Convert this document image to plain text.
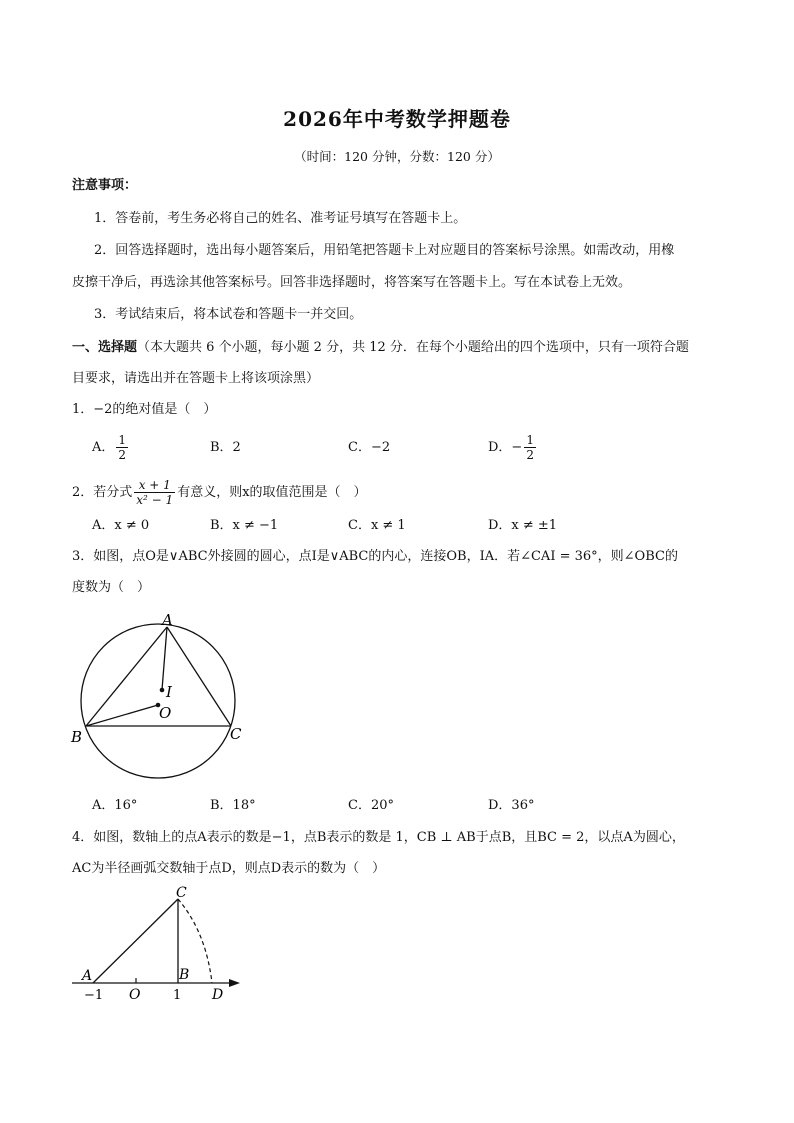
2026年中考数学押题卷
（时间：120 分钟，分数：120 分）
注意事项：
1．答卷前，考生务必将自己的姓名、准考证号填写在答题卡上。
2．回答选择题时，选出每小题答案后，用铅笔把答题卡上对应题目的答案标号涂黑。如需改动，用橡
皮擦干净后，再选涂其他答案标号。回答非选择题时，将答案写在答题卡上。写在本试卷上无效。
3．考试结束后，将本试卷和答题卡一并交回。
一、选择题（本大题共 6 个小题，每小题 2 分，共 12 分．在每个小题给出的四个选项中，只有一项符合题
目要求，请选出并在答题卡上将该项涂黑）
1．−2的绝对值是（　）
A． $\frac{1}{2}$	B．2	C．−2	D．− $\frac{1}{2}$
2．若分式 $\frac{x + 1}{\text{x² − 1}}$ 有意义，则x的取值范围是（　）
A．x ≠ 0	B．x ≠ −1	C．x ≠ 1	D．x ≠ ±1
3．如图，点O是∨ABC外接圆的圆心，点I是∨ABC的内心，连接OB，IA．若∠CAI = 36°，则∠OBC的
度数为（　）
A
B	C
I
O
A．16°	B．18°	C．20°	D．36°
4．如图，数轴上的点A表示的数是−1，点B表示的数是 1，CB ⊥ AB于点B，且BC = 2，以点A为圆心，
AC为半径画弧交数轴于点D，则点D表示的数为（　）
A	B
C
D
O
−1	1
